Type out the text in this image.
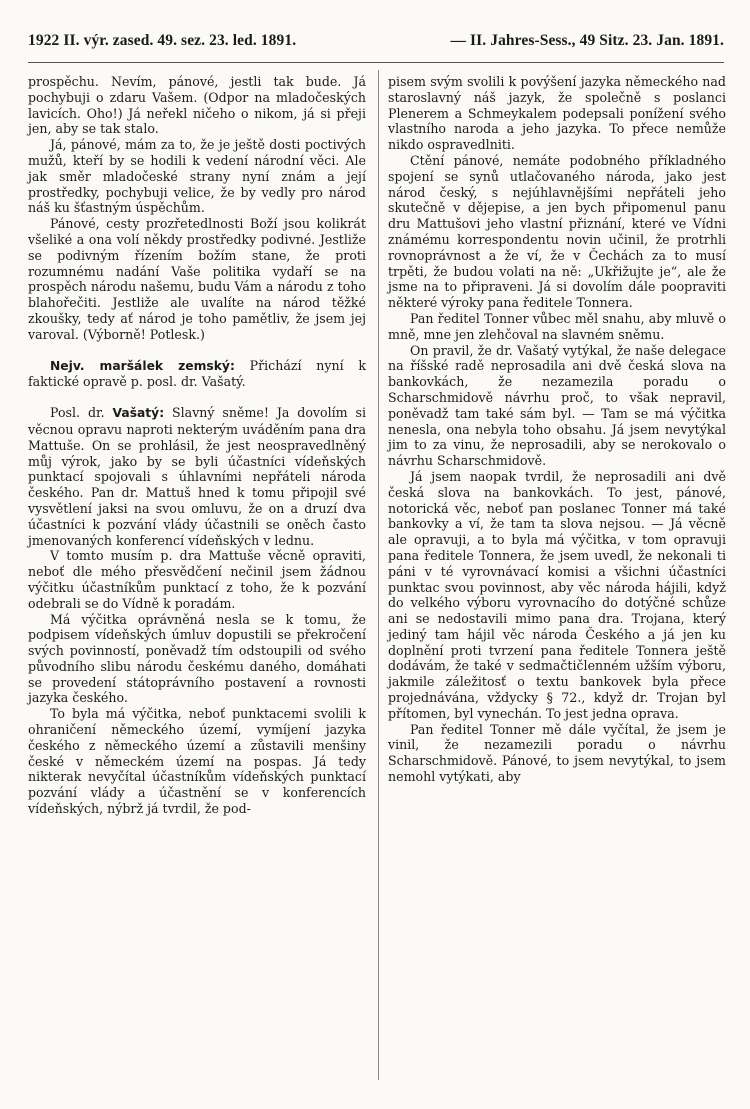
1922 II. výr. zased. 49. sez. 23. led. 1891.	— II. Jahres-Sess., 49 Sitz. 23. Jan. 1891.

prospěchu. Nevím, pánové, jestli tak bude. Já pochybuji o zdaru Vašem. (Odpor na mladočeských lavicích. Oho!) Já neřekl ničeho o nikom, já si přeji jen, aby se tak stalo.

Já, pánové, mám za to, že je ještě dosti poctivých mužů, kteří by se hodili k vedení národní věci. Ale jak směr mladočeské strany nyní znám a její prostředky, pochybuji velice, že by vedly pro národ náš ku šťastným úspěchům.

Pánové, cesty prozřetedlnosti Boží jsou kolikrát všeliké a ona volí někdy prostředky podivné. Jestliže se podivným řízením božím stane, že proti rozumnému nadání Vaše politika vydaří se na prospěch národu našemu, budu Vám a národu z toho blahořečiti. Jestliže ale uvalíte na národ těžké zkoušky, tedy ať národ je toho pamětliv, že jsem jej varoval. (Výborně! Potlesk.)

Nejv. maršálek zemský: Přichází nyní k faktické opravě p. posl. dr. Vašatý.

Posl. dr. Vašatý: Slavný sněme! Ja dovolím si věcnou opravu naproti nekterým uváděním pana dra Mattuše. On se prohlásil, že jest neospravedlněný můj výrok, jako by se byli účastníci vídeňských punktací spojovali s úhlavními nepřáteli národa českého. Pan dr. Mattuš hned k tomu připojil své vysvětlení jaksi na svou omluvu, že on a druzí dva účastníci k pozvání vlády účastnili se oněch často jmenovaných konferencí vídeňských v lednu.

V tomto musím p. dra Mattuše věcně opraviti, neboť dle mého přesvědčení nečinil jsem žádnou výčitku účastníkům punktací z toho, že k pozvání odebrali se do Vídně k poradám.

Má výčitka oprávněná nesla se k tomu, že podpisem vídeňských úmluv dopustili se překročení svých povinností, poněvadž tím odstoupili od svého původního slibu národu českému daného, domáhati se provedení státoprávního postavení a rovnosti jazyka českého.

To byla má výčitka, neboť punktacemi svolili k ohraničení německého území, vymíjení jazyka českého z německého území a zůstavili menšiny české v německém území na pospas. Já tedy nikterak nevyčítal účastníkům vídeňských punktací pozvání vlády a účastnění se v konferencích vídeňských, nýbrž já tvrdil, že pod-

pisem svým svolili k povýšení jazyka německého nad staroslavný náš jazyk, že společně s poslanci Plenerem a Schmeykalem podepsali ponížení svého vlastního naroda a jeho jazyka. To přece nemůže nikdo ospravedlniti.

Ctění pánové, nemáte podobného příkladného spojení se synů utlačovaného národa, jako jest národ český, s nejúhlavnějšími nepřáteli jeho skutečně v dějepise, a jen bych připomenul panu dru Mattušovi jeho vlastní přiznání, které ve Vídni známému korrespondentu novin učinil, že protrhli rovnoprávnost a že ví, že v Čechách za to musí trpěti, že budou volati na ně: „Ukřižujte je“, ale že jsme na to připraveni. Já si dovolím dále poopraviti některé výroky pana ředitele Tonnera.

Pan ředitel Tonner vůbec měl snahu, aby mluvě o mně, mne jen zlehčoval na slavném sněmu.

On pravil, že dr. Vašatý vytýkal, že naše delegace na říšské radě neprosadila ani dvě česká slova na bankovkách, že nezamezila poradu o Scharschmidově návrhu proč, to však nepravil, poněvadž tam také sám byl. — Tam se má výčitka nenesla, ona nebyla toho obsahu. Já jsem nevytýkal jim to za vinu, že neprosadili, aby se nerokovalo o návrhu Scharschmidově.

Já jsem naopak tvrdil, že neprosadili ani dvě česká slova na bankovkách. To jest, pánové, notorická věc, neboť pan poslanec Tonner má také bankovky a ví, že tam ta slova nejsou. — Já věcně ale opravuji, a to byla má výčitka, v tom opravuji pana ředitele Tonnera, že jsem uvedl, že nekonali ti páni v té vyrovnávací komisi a všichni účastníci punktac svou povinnost, aby věc národa hájili, když do velkého výboru vyrovnacího do dotýčné schůze ani se nedostavili mimo pana dra. Trojana, který jediný tam hájil věc národa Českého a já jen ku doplnění proti tvrzení pana ředitele Tonnera ještě dodávám, že také v sedmačtičlenném užším výboru, jakmile záležitosť o textu bankovek byla přece projednávána, vždycky § 72., když dr. Trojan byl přítomen, byl vynechán. To jest jedna oprava.

Pan ředitel Tonner mě dále vyčítal, že jsem je vinil, že nezamezili poradu o návrhu Scharschmidově. Pánové, to jsem nevytýkal, to jsem nemohl vytýkati, aby
